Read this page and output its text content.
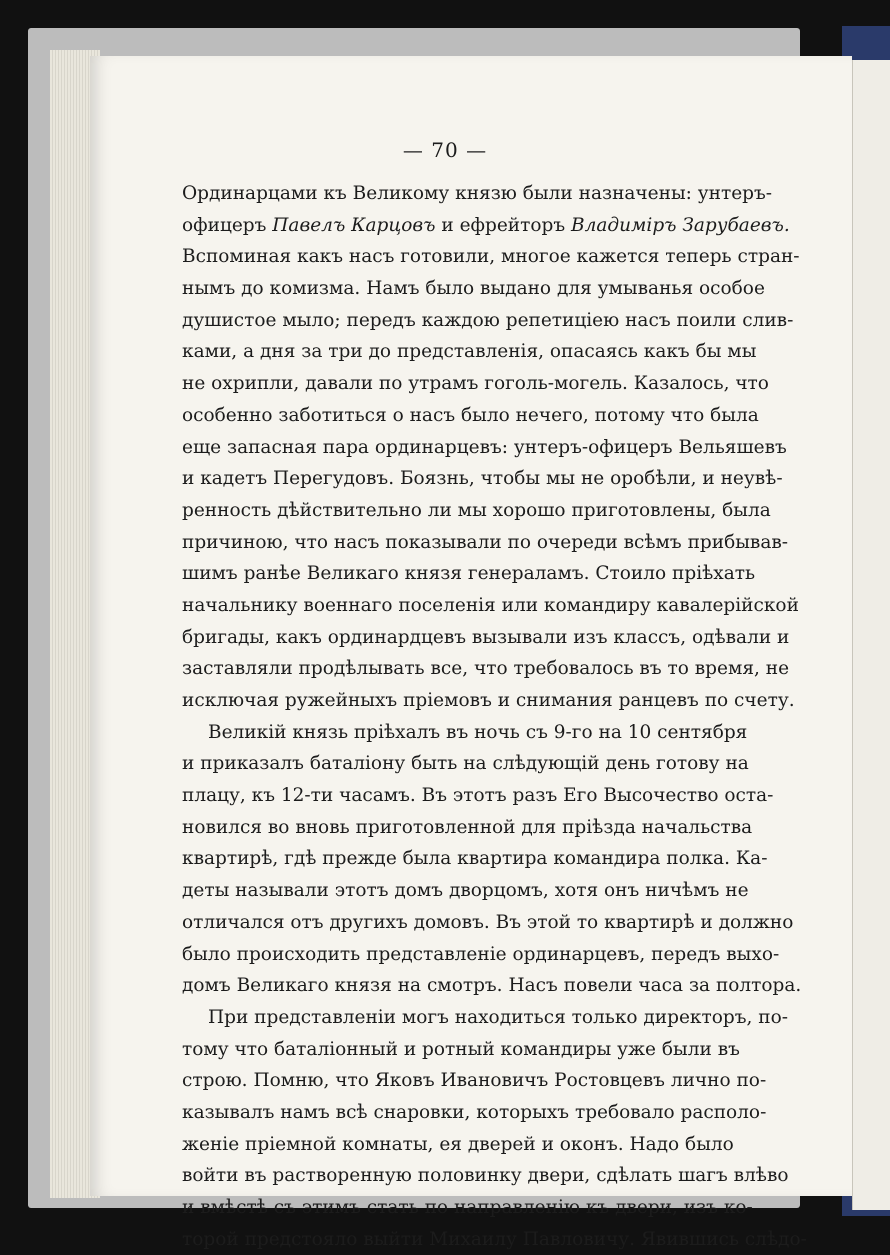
— 70 —
Ординарцами къ Великому князю были назначены: унтеръ-
офицеръ Павелъ Карцовъ и ефрейторъ Владиміръ Зарубаевъ.
Вспоминая какъ насъ готовили, многое кажется теперь стран-
нымъ до комизма. Намъ было выдано для умыванья особое
душистое мыло; передъ каждою репетиціею насъ поили слив-
ками, а дня за три до представленія, опасаясь какъ бы мы
не охрипли, давали по утрамъ гоголь-могель. Казалось, что
особенно заботиться о насъ было нечего, потому что была
еще запасная пара ординарцевъ: унтеръ-офицеръ Вельяшевъ
и кадетъ Перегудовъ. Боязнь, чтобы мы не оробѣли, и неувѣ-
ренность дѣйствительно ли мы хорошо приготовлены, была
причиною, что насъ показывали по очереди всѣмъ прибывав-
шимъ ранѣе Великаго князя генераламъ. Стоило пріѣхать
начальнику военнаго поселенія или командиру кавалерійской
бригады, какъ ординардцевъ вызывали изъ классъ, одѣвали и
заставляли продѣлывать все, что требовалось въ то время, не
исключая ружейныхъ пріемовъ и снимания ранцевъ по счету.
Великій князь пріѣхалъ въ ночь съ 9-го на 10 сентября
и приказалъ баталіону быть на слѣдующій день готову на
плацу, къ 12-ти часамъ. Въ этотъ разъ Его Высочество оста-
новился во вновь приготовленной для пріѣзда начальства
квартирѣ, гдѣ прежде была квартира командира полка. Ка-
деты называли этотъ домъ дворцомъ, хотя онъ ничѣмъ не
отличался отъ другихъ домовъ. Въ этой то квартирѣ и должно
было происходить представленіе ординарцевъ, передъ выхо-
домъ Великаго князя на смотръ. Насъ повели часа за полтора.
При представленіи могъ находиться только директоръ, по-
тому что баталіонный и ротный командиры уже были въ
строю. Помню, что Яковъ Ивановичъ Ростовцевъ лично по-
казывалъ намъ всѣ снаровки, которыхъ требовало располо-
женіе пріемной комнаты, ея дверей и оконъ. Надо было
войти въ растворенную половинку двери, сдѣлать шагъ влѣво
и вмѣстѣ съ этимъ стать по направленію къ двери, изъ ко-
торой предстояло выйти Михаилу Павловичу. Явившись слѣдо-
